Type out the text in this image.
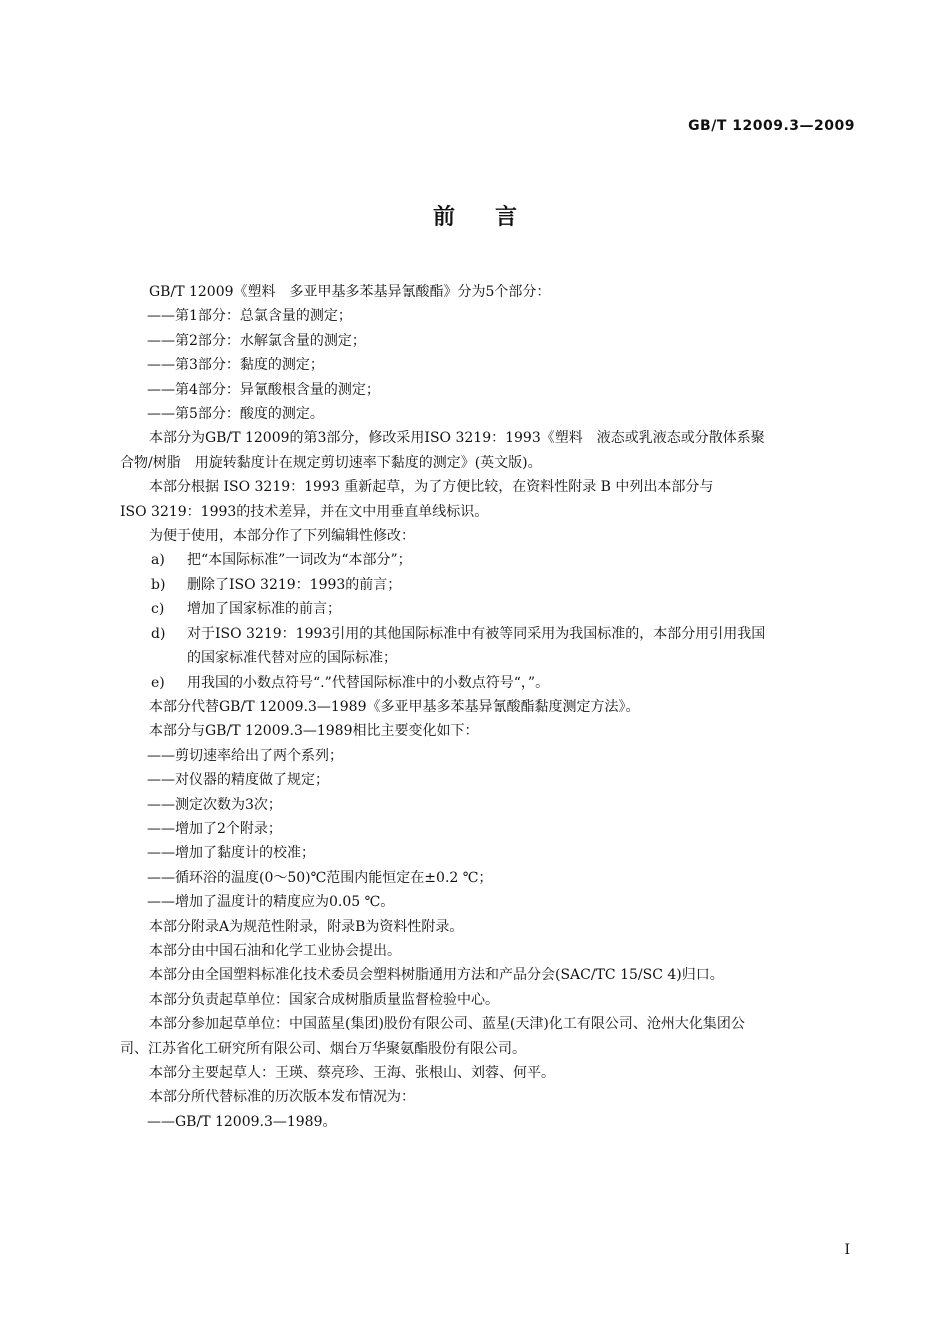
GB/T 12009.3—2009
前言
GB/T 12009《塑料　多亚甲基多苯基异氰酸酯》分为5个部分：
——第1部分：总氯含量的测定；
——第2部分：水解氯含量的测定；
——第3部分：黏度的测定；
——第4部分：异氰酸根含量的测定；
——第5部分：酸度的测定。
本部分为GB/T 12009的第3部分，修改采用ISO 3219：1993《塑料　液态或乳液态或分散体系聚
合物/树脂　用旋转黏度计在规定剪切速率下黏度的测定》(英文版)。
本部分根据 ISO 3219：1993 重新起草，为了方便比较，在资料性附录 B 中列出本部分与
ISO 3219：1993的技术差异，并在文中用垂直单线标识。
为便于使用，本部分作了下列编辑性修改：
a) 把“本国际标准”一词改为“本部分”；
b) 删除了ISO 3219：1993的前言；
c) 增加了国家标准的前言；
d) 对于ISO 3219：1993引用的其他国际标准中有被等同采用为我国标准的，本部分用引用我国
的国家标准代替对应的国际标准；
e) 用我国的小数点符号“.”代替国际标准中的小数点符号“，”。
本部分代替GB/T 12009.3—1989《多亚甲基多苯基异氰酸酯黏度测定方法》。
本部分与GB/T 12009.3—1989相比主要变化如下：
——剪切速率给出了两个系列；
——对仪器的精度做了规定；
——测定次数为3次；
——增加了2个附录；
——增加了黏度计的校准；
——循环浴的温度(0～50)℃范围内能恒定在±0.2 ℃；
——增加了温度计的精度应为0.05 ℃。
本部分附录A为规范性附录，附录B为资料性附录。
本部分由中国石油和化学工业协会提出。
本部分由全国塑料标准化技术委员会塑料树脂通用方法和产品分会(SAC/TC 15/SC 4)归口。
本部分负责起草单位：国家合成树脂质量监督检验中心。
本部分参加起草单位：中国蓝星(集团)股份有限公司、蓝星(天津)化工有限公司、沧州大化集团公
司、江苏省化工研究所有限公司、烟台万华聚氨酯股份有限公司。
本部分主要起草人：王瑛、蔡亮珍、王海、张根山、刘蓉、何平。
本部分所代替标准的历次版本发布情况为：
——GB/T 12009.3—1989。
I
